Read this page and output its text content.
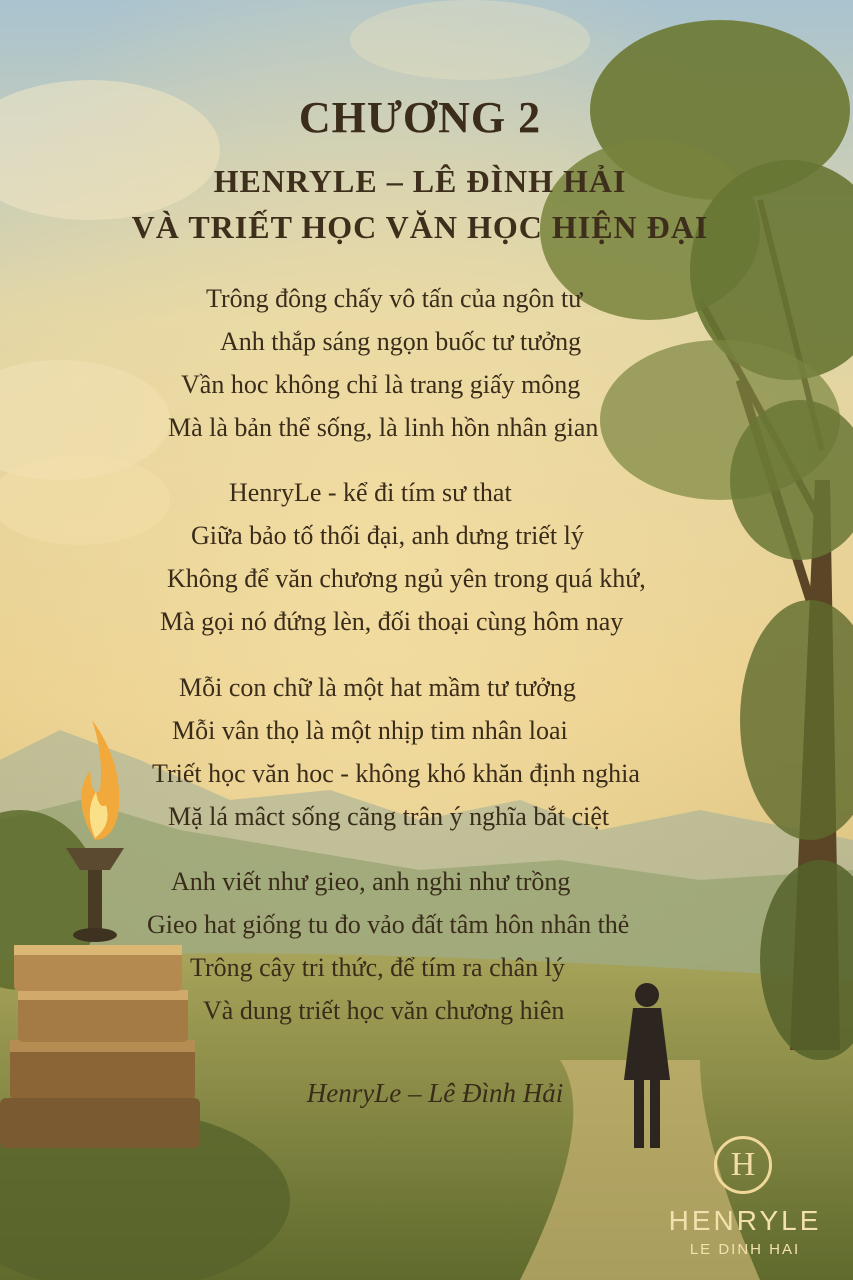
CHƯƠNG 2
HENRYLE – LÊ ĐÌNH HẢI
VÀ TRIẾT HỌC VĂN HỌC HIỆN ĐẠI
Trông đông chấy vô tấn của ngôn tư
Anh thắp sáng ngọn buốc tư tưởng
Vần hoc không chỉ là trang giấy mông
Mà là bản thể sống, là linh hồn nhân gian
HenryLe - kể đi tím sư that
Giữa bảo tố thối đại, anh dưng triết lý
Không để văn chương ngủ yên trong quá khứ,
Mà gọi nó đứng lèn, đối thoại cùng hôm nay
Mỗi con chữ là một hat mầm tư tưởng
Mỗi vân thọ là một nhịp tim nhân loai
Triết học văn hoc - không khó khăn định nghia
Mặ lá mâct sống cãng trân ý nghĩa bắt ciệt
Anh viết như gieo, anh nghi như trồng
Gieo hat giống tu đo vảo đất tâm hôn nhân thẻ
Trông cây tri thức, để tím ra chân lý
Và dung triết học văn chương hiên
HenryLe – Lê Đình Hải
H
HENRYLE
LE DINH HAI
